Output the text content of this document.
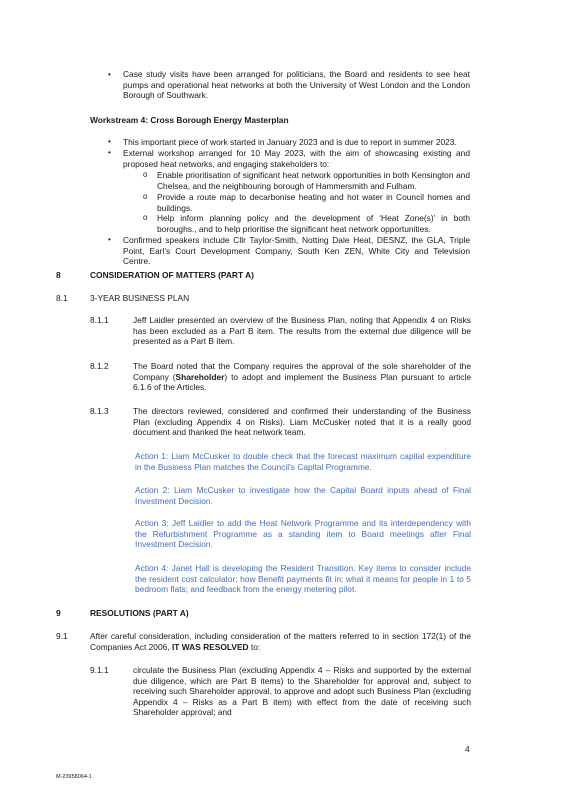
• Case study visits have been arranged for politicians, the Board and residents to see heat pumps and operational heat networks at both the University of West London and the London Borough of Southwark.
Workstream 4: Cross Borough Energy Masterplan
• This important piece of work started in January 2023 and is due to report in summer 2023.
• External workshop arranged for 10 May 2023, with the aim of showcasing existing and proposed heat networks, and engaging stakeholders to:
o Enable prioritisation of significant heat network opportunities in both Kensington and Chelsea, and the neighbouring borough of Hammersmith and Fulham.
o Provide a route map to decarbonise heating and hot water in Council homes and buildings.
o Help inform planning policy and the development of ‘Heat Zone(s)’ in both boroughs., and to help prioritise the significant heat network opportunities.
• Confirmed speakers include Cllr Taylor-Smith, Notting Dale Heat, DESNZ, the GLA, Triple Point, Earl’s Court Development Company, South Ken ZEN, White City and Television Centre.
8	CONSIDERATION OF MATTERS (PART A)
8.1	3-YEAR BUSINESS PLAN
8.1.1	Jeff Laidler presented an overview of the Business Plan, noting that Appendix 4 on Risks has been excluded as a Part B item. The results from the external due diligence will be presented as a Part B item.
8.1.2	The Board noted that the Company requires the approval of the sole shareholder of the Company (Shareholder) to adopt and implement the Business Plan pursuant to article 6.1.6 of the Articles.
8.1.3	The directors reviewed, considered and confirmed their understanding of the Business Plan (excluding Appendix 4 on Risks). Liam McCusker noted that it is a really good document and thanked the heat network team.
Action 1: Liam McCusker to double check that the forecast maximum capital expenditure in the Business Plan matches the Council’s Capital Programme.
Action 2: Liam McCusker to investigate how the Capital Board inputs ahead of Final Investment Decision.
Action 3: Jeff Laidler to add the Heat Network Programme and its interdependency with the Refurbishment Programme as a standing item to Board meetings after Final Investment Decision.
Action 4: Janet Hall is developing the Resident Transition. Key items to consider include the resident cost calculator; how Benefit payments fit in; what it means for people in 1 to 5 bedroom flats; and feedback from the energy metering pilot.
9	RESOLUTIONS (PART A)
9.1	After careful consideration, including consideration of the matters referred to in section 172(1) of the Companies Act 2006, IT WAS RESOLVED to:
9.1.1	circulate the Business Plan (excluding Appendix 4 – Risks and supported by the external due diligence, which are Part B items) to the Shareholder for approval and, subject to receiving such Shareholder approval, to approve and adopt such Business Plan (excluding Appendix 4 – Risks as a Part B item) with effect from the date of receiving such Shareholder approval; and
4
M-23958064-1
